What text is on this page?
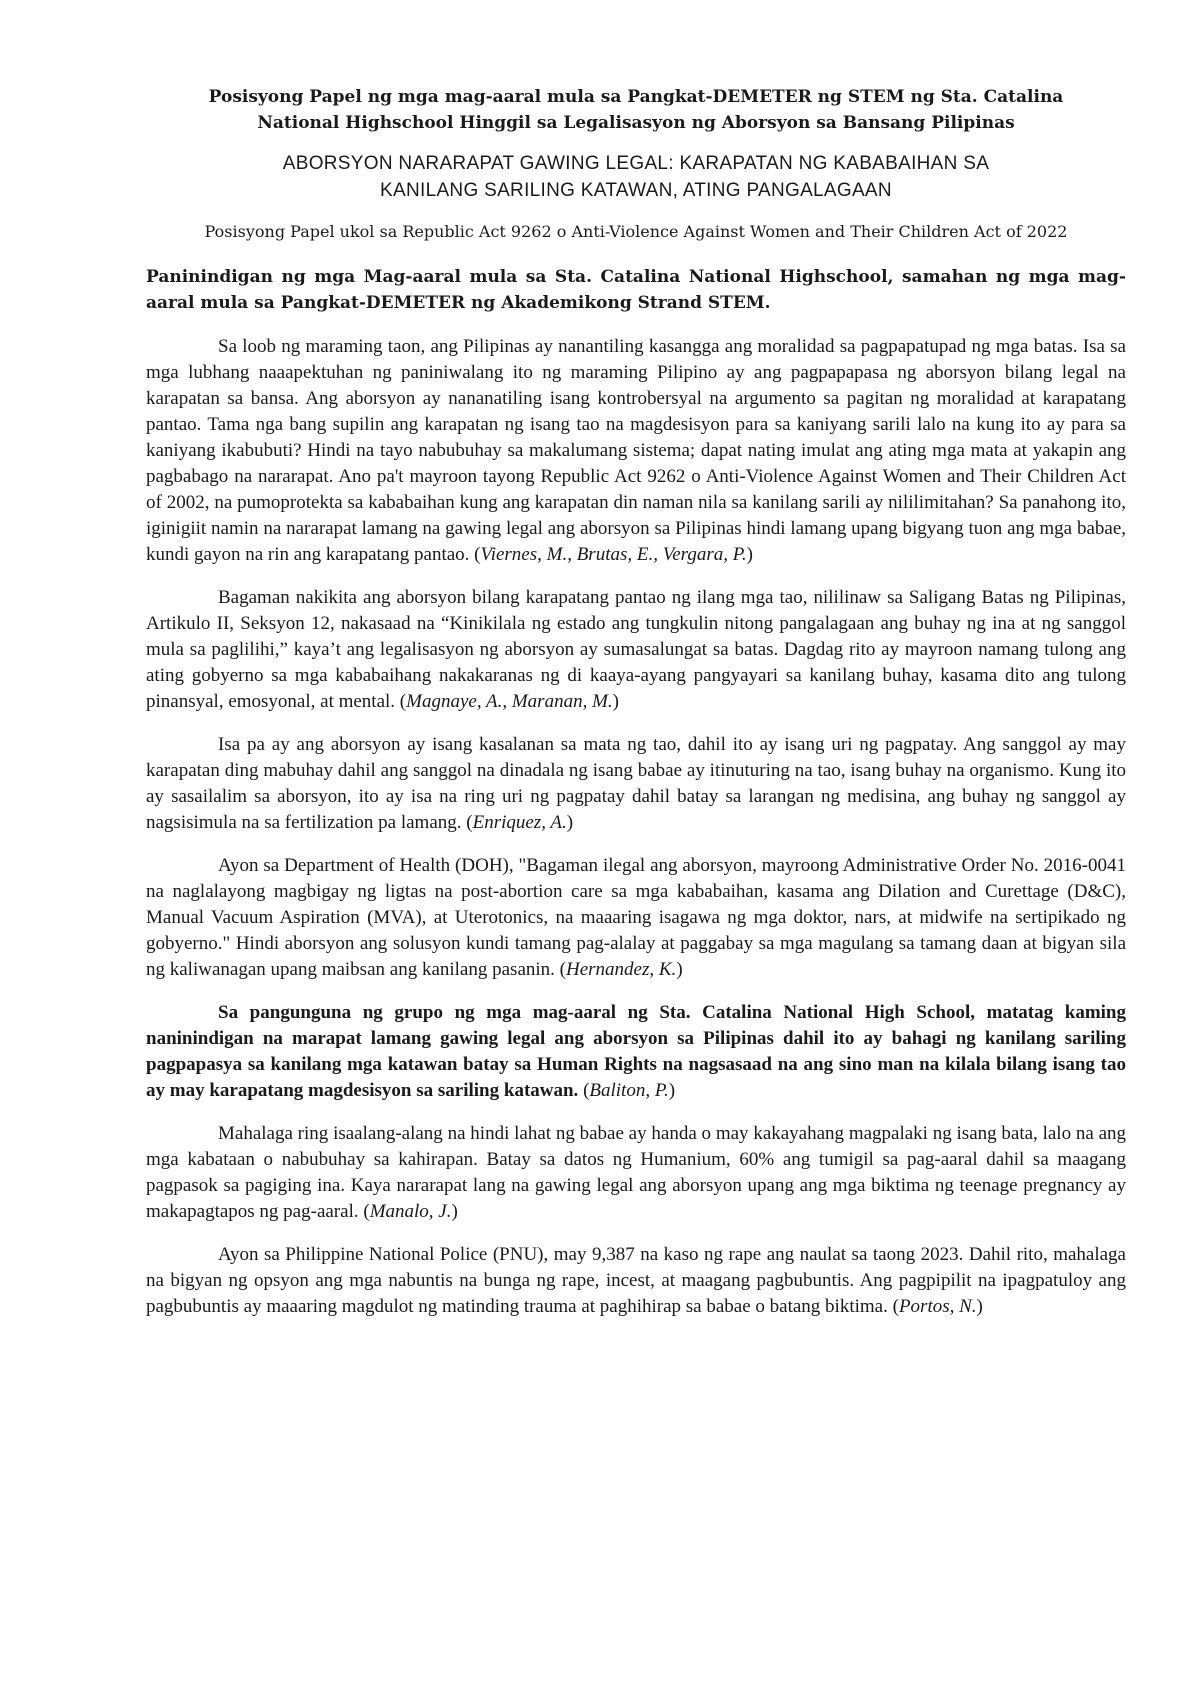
Posisyong Papel ng mga mag-aaral mula sa Pangkat-DEMETER ng STEM ng Sta. Catalina
National Highschool Hinggil sa Legalisasyon ng Aborsyon sa Bansang Pilipinas
ABORSYON NARARAPAT GAWING LEGAL: KARAPATAN NG KABABAIHAN SA
KANILANG SARILING KATAWAN, ATING PANGALAGAAN
Posisyong Papel ukol sa Republic Act 9262 o Anti-Violence Against Women and Their Children Act of 2022
Paninindigan ng mga Mag-aaral mula sa Sta. Catalina National Highschool, samahan ng mga mag-aaral mula sa Pangkat-DEMETER ng Akademikong Strand STEM.

Sa loob ng maraming taon, ang Pilipinas ay nanantiling kasangga ang moralidad sa pagpapatupad ng mga batas. Isa sa mga lubhang naaapektuhan ng paniniwalang ito ng maraming Pilipino ay ang pagpapapasa ng aborsyon bilang legal na karapatan sa bansa. Ang aborsyon ay nananatiling isang kontrobersyal na argumento sa pagitan ng moralidad at karapatang pantao. Tama nga bang supilin ang karapatan ng isang tao na magdesisyon para sa kaniyang sarili lalo na kung ito ay para sa kaniyang ikabubuti? Hindi na tayo nabubuhay sa makalumang sistema; dapat nating imulat ang ating mga mata at yakapin ang pagbabago na nararapat. Ano pa't mayroon tayong Republic Act 9262 o Anti-Violence Against Women and Their Children Act of 2002, na pumoprotekta sa kababaihan kung ang karapatan din naman nila sa kanilang sarili ay nililimitahan? Sa panahong ito, iginigiit namin na nararapat lamang na gawing legal ang aborsyon sa Pilipinas hindi lamang upang bigyang tuon ang mga babae, kundi gayon na rin ang karapatang pantao. (Viernes, M., Brutas, E., Vergara, P.)

Bagaman nakikita ang aborsyon bilang karapatang pantao ng ilang mga tao, nililinaw sa Saligang Batas ng Pilipinas, Artikulo II, Seksyon 12, nakasaad na “Kinikilala ng estado ang tungkulin nitong pangalagaan ang buhay ng ina at ng sanggol mula sa paglilihi,” kaya’t ang legalisasyon ng aborsyon ay sumasalungat sa batas. Dagdag rito ay mayroon namang tulong ang ating gobyerno sa mga kababaihang nakakaranas ng di kaaya-ayang pangyayari sa kanilang buhay, kasama dito ang tulong pinansyal, emosyonal, at mental. (Magnaye, A., Maranan, M.)

Isa pa ay ang aborsyon ay isang kasalanan sa mata ng tao, dahil ito ay isang uri ng pagpatay. Ang sanggol ay may karapatan ding mabuhay dahil ang sanggol na dinadala ng isang babae ay itinuturing na tao, isang buhay na organismo. Kung ito ay sasailalim sa aborsyon, ito ay isa na ring uri ng pagpatay dahil batay sa larangan ng medisina, ang buhay ng sanggol ay nagsisimula na sa fertilization pa lamang. (Enriquez, A.)

Ayon sa Department of Health (DOH), "Bagaman ilegal ang aborsyon, mayroong Administrative Order No. 2016-0041 na naglalayong magbigay ng ligtas na post-abortion care sa mga kababaihan, kasama ang Dilation and Curettage (D&C), Manual Vacuum Aspiration (MVA), at Uterotonics, na maaaring isagawa ng mga doktor, nars, at midwife na sertipikado ng gobyerno." Hindi aborsyon ang solusyon kundi tamang pag-alalay at paggabay sa mga magulang sa tamang daan at bigyan sila ng kaliwanagan upang maibsan ang kanilang pasanin. (Hernandez, K.)

Sa pangunguna ng grupo ng mga mag-aaral ng Sta. Catalina National High School, matatag kaming naninindigan na marapat lamang gawing legal ang aborsyon sa Pilipinas dahil ito ay bahagi ng kanilang sariling pagpapasya sa kanilang mga katawan batay sa Human Rights na nagsasaad na ang sino man na kilala bilang isang tao ay may karapatang magdesisyon sa sariling katawan. (Baliton, P.)

Mahalaga ring isaalang-alang na hindi lahat ng babae ay handa o may kakayahang magpalaki ng isang bata, lalo na ang mga kabataan o nabubuhay sa kahirapan. Batay sa datos ng Humanium, 60% ang tumigil sa pag-aaral dahil sa maagang pagpasok sa pagiging ina. Kaya nararapat lang na gawing legal ang aborsyon upang ang mga biktima ng teenage pregnancy ay makapagtapos ng pag-aaral. (Manalo, J.)

Ayon sa Philippine National Police (PNU), may 9,387 na kaso ng rape ang naulat sa taong 2023. Dahil rito, mahalaga na bigyan ng opsyon ang mga nabuntis na bunga ng rape, incest, at maagang pagbubuntis. Ang pagpipilit na ipagpatuloy ang pagbubuntis ay maaaring magdulot ng matinding trauma at paghihirap sa babae o batang biktima. (Portos, N.)
